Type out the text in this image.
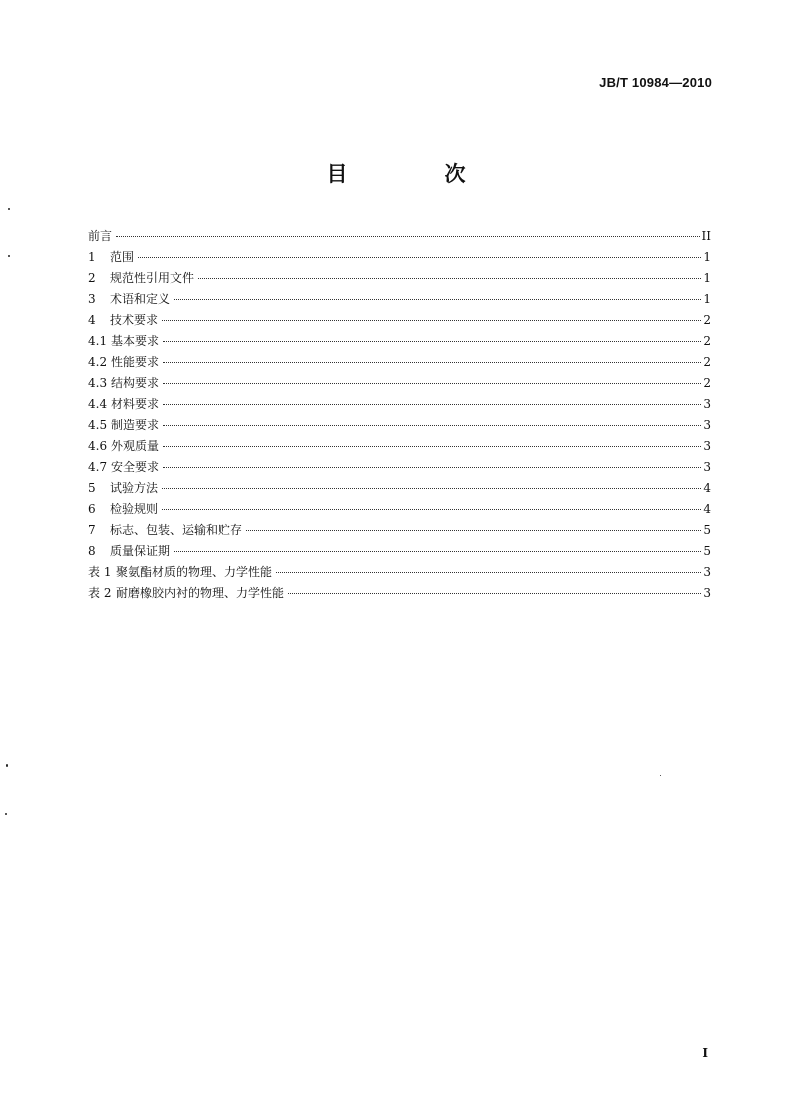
JB/T 10984—2010
目　次
前言	II
1	范围	1
2	规范性引用文件	1
3	术语和定义	1
4	技术要求	2
4.1 基本要求	2
4.2 性能要求	2
4.3 结构要求	2
4.4 材料要求	3
4.5 制造要求	3
4.6 外观质量	3
4.7 安全要求	3
5	试验方法	4
6	检验规则	4
7	标志、包装、运输和贮存	5
8	质量保证期	5
表 1 聚氨酯材质的物理、力学性能	3
表 2 耐磨橡胶内衬的物理、力学性能	3
I
